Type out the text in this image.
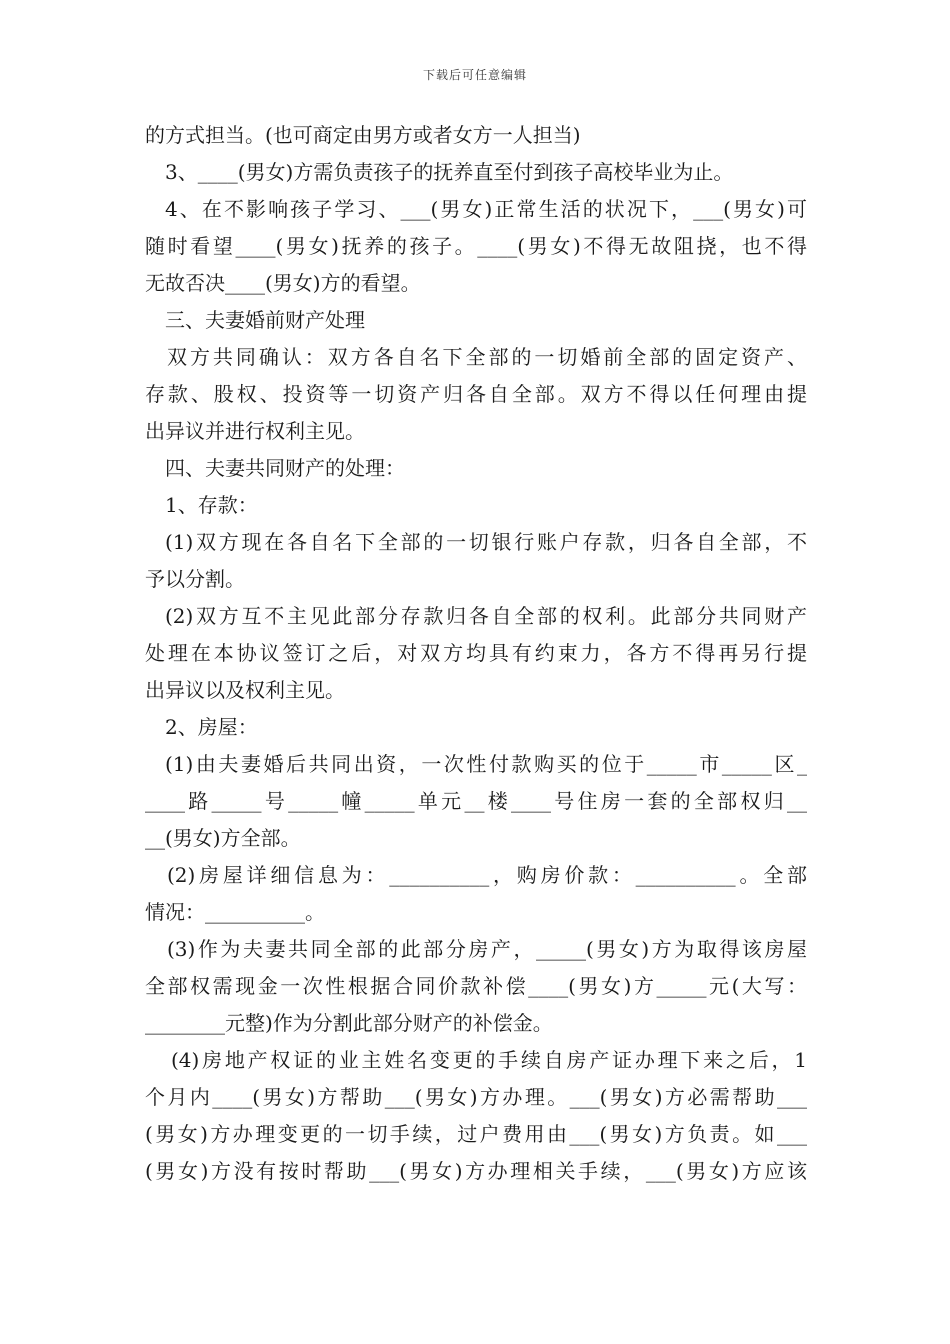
下载后可任意编辑
的方式担当。(也可商定由男方或者女方一人担当)
3、____(男女)方需负责孩子的抚养直至付到孩子高校毕业为止。
4、在不影响孩子学习、___(男女)正常生活的状况下，___(男女)可
随时看望____(男女)抚养的孩子。____(男女)不得无故阻挠，也不得
无故否决____(男女)方的看望。
三、夫妻婚前财产处理
双方共同确认：双方各自名下全部的一切婚前全部的固定资产、
存款、股权、投资等一切资产归各自全部。双方不得以任何理由提
出异议并进行权利主见。
四、夫妻共同财产的处理：
1、存款：
(1)双方现在各自名下全部的一切银行账户存款，归各自全部，不
予以分割。
(2)双方互不主见此部分存款归各自全部的权利。此部分共同财产
处理在本协议签订之后，对双方均具有约束力，各方不得再另行提
出异议以及权利主见。
2、房屋：
(1)由夫妻婚后共同出资，一次性付款购买的位于_____市_____区_
____路_____号_____幢_____单元__楼____号住房一套的全部权归__
__(男女)方全部。
(2)房屋详细信息为：__________，购房价款：__________。全部
情况：__________。
(3)作为夫妻共同全部的此部分房产，_____(男女)方为取得该房屋
全部权需现金一次性根据合同价款补偿____(男女)方_____元(大写：
________元整)作为分割此部分财产的补偿金。
(4)房地产权证的业主姓名变更的手续自房产证办理下来之后，1
个月内____(男女)方帮助___(男女)方办理。___(男女)方必需帮助___
(男女)方办理变更的一切手续，过户费用由___(男女)方负责。如___
(男女)方没有按时帮助___(男女)方办理相关手续，___(男女)方应该
